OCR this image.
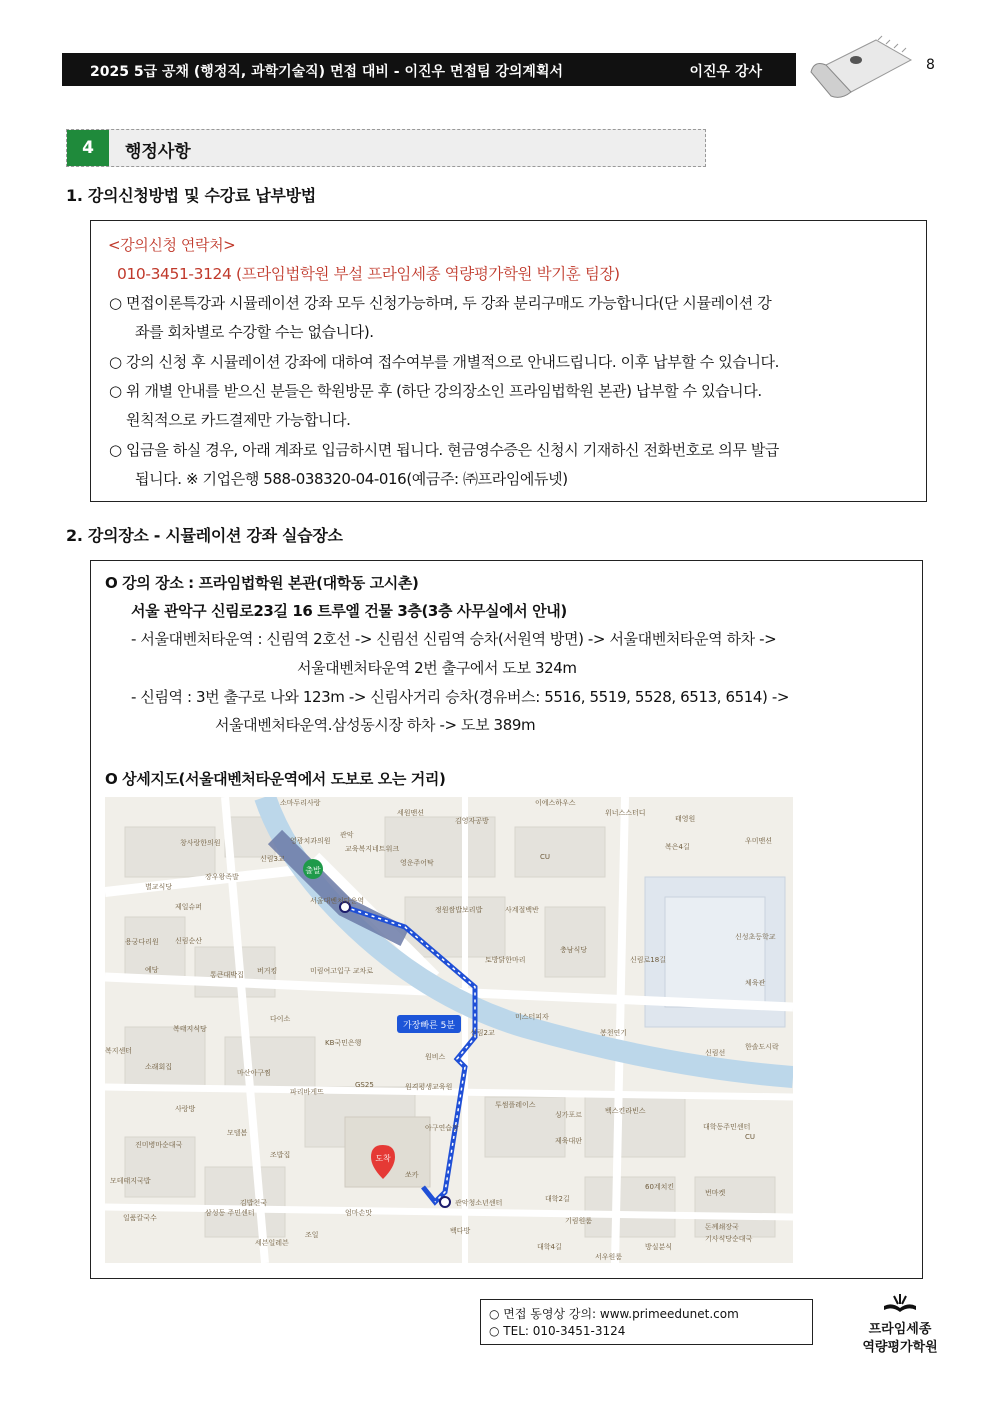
2025 5급 공채 (행정직, 과학기술직) 면접 대비 - 이진우 면접팀 강의계획서	이진우 강사	8
4	행정사항
1. 강의신청방법 및 수강료 납부방법
<강의신청 연락처>
010-3451-3124 (프라임법학원 부설 프라임세종 역량평가학원 박기훈 팀장)
○ 면접이론특강과 시뮬레이션 강좌 모두 신청가능하며, 두 강좌 분리구매도 가능합니다(단 시뮬레이션 강
좌를 회차별로 수강할 수는 없습니다).
○ 강의 신청 후 시뮬레이션 강좌에 대하여 접수여부를 개별적으로 안내드립니다. 이후 납부할 수 있습니다.
○ 위 개별 안내를 받으신 분들은 학원방문 후 (하단 강의장소인 프라임법학원 본관) 납부할 수 있습니다.
원칙적으로 카드결제만 가능합니다.
○ 입금을 하실 경우, 아래 계좌로 입금하시면 됩니다. 현금영수증은 신청시 기재하신 전화번호로 의무 발급
됩니다. ※ 기업은행 588-038320-04-016(예금주: ㈜프라임에듀넷)
2. 강의장소 - 시뮬레이션 강좌 실습장소
O 강의 장소 : 프라임법학원 본관(대학동 고시촌)
서울 관악구 신림로23길 16 트루엘 건물 3층(3층 사무실에서 안내)
- 서울대벤처타운역 : 신림역 2호선 -> 신림선 신림역 승차(서원역 방면) -> 서울대벤처타운역 하차 ->
서울대벤처타운역 2번 출구에서 도보 324m
- 신림역 : 3번 출구로 나와 123m -> 신림사거리 승차(경유버스: 5516, 5519, 5528, 6513, 6514) ->
서울대벤처타운역.삼성동시장 하차 -> 도보 389m
O 상세지도(서울대벤처타운역에서 도보로 오는 거리)
출발
도착
가장빠른 5분
소마두리사랑
세원맨션
이에스하우스
위너스스터디
태영원
창사랑한의원
관악
김영자공방
영광치과의원
교육복지네트워크	복은4길
우미맨션
신림3교	영운주어탁
CU
장우왕족발
서울대벤처타운역
별교식당
정원쌈밥보리밥
제일슈퍼	사계절백반
신성초등학교
용궁다리원 신림순산
토방닭한마리
충남식당
예당
통큰대박집 버거킹	미림여고입구 교차로
체육관
신림로18길
미스터피자
다이소
봉천연기
신림2교
복지센터
복태지식당
KB국민은행
신림선
한솔도시락
소래회집
마산아구찜
원비스
원격평생교육원
GS25
투썸플레이스
파리바게뜨
싱가포르	백스킨라빈스
사랑방
모델봄
아구연습장
제육대판
대학동주민센터
CU
진미병마순대국
조밥집
쏘카
모테태지국밥
김밥천국	관악청소년센터
60계치킨
번마켓
일품칼국수
삼성동 주민센터	엄마손맛
대학2길
기림원룸
돈께쇄장국
기사식당순대국
세븐일레븐
조일	백다방
대학4길	방실분식
서우원룸
○ 면접 동영상 강의: www.primeedunet.com
○ TEL: 010-3451-3124	프라임세종
역량평가학원
